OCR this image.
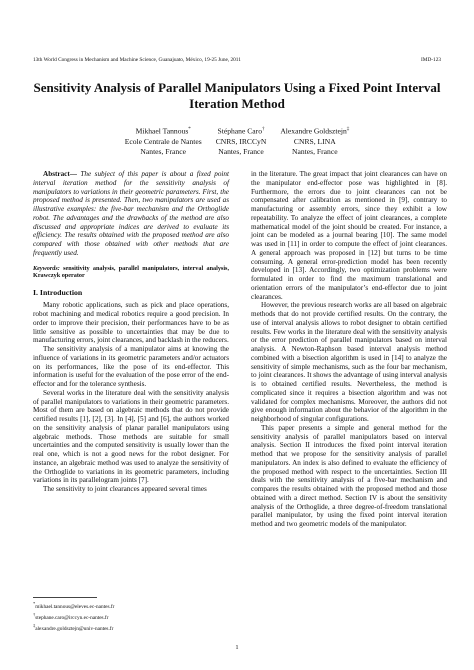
13th World Congress in Mechanism and Machine Science, Guanajuato, México, 19-25 June, 2011	IMD-123
Sensitivity Analysis of Parallel Manipulators Using a Fixed Point Interval
Iteration Method
Mikhael Tannous*
Ecole Centrale de Nantes
Nantes, France
Stéphane Caro†
CNRS, IRCCyN
Nantes, France
Alexandre Goldsztejn‡
CNRS, LINA
Nantes, France

Abstract— The subject of this paper is about a fixed point interval iteration method for the sensitivity analysis of manipulators to variations in their geometric parameters. First, the proposed method is presented. Then, two manipulators are used as illustrative examples: the five-bar mechanism and the Orthoglide robot. The advantages and the drawbacks of the method are also discussed and appropriate indices are derived to evaluate its efficiency. The results obtained with the proposed method are also compared with those obtained with other methods that are frequently used.

Keywords: sensitivity analysis, parallel manipulators, interval analysis, Krawczyk operator

I. Introduction

Many robotic applications, such as pick and place operations, robot machining and medical robotics require a good precision. In order to improve their precision, their performances have to be as little sensitive as possible to uncertainties that may be due to manufacturing errors, joint clearances, and backlash in the reducers.

The sensitivity analysis of a manipulator aims at knowing the influence of variations in its geometric parameters and/or actuators on its performances, like the pose of its end-effector. This information is useful for the evaluation of the pose error of the end-effector and for the tolerance synthesis.

Several works in the literature deal with the sensitivity analysis of parallel manipulators to variations in their geometric parameters. Most of them are based on algebraic methods that do not provide certified results [1], [2], [3]. In [4], [5] and [6], the authors worked on the sensitivity analysis of planar parallel manipulators using algebraic methods. Those methods are suitable for small uncertainties and the computed sensitivity is usually lower than the real one, which is not a good news for the robot designer. For instance, an algebraic method was used to analyze the sensitivity of the Orthoglide to variations in its geometric parameters, including variations in its parallelogram joints [7].

The sensitivity to joint clearances appeared several times

in the literature. The great impact that joint clearances can have on the manipulator end-effector pose was highlighted in [8]. Furthermore, the errors due to joint clearances can not be compensated after calibration as mentioned in [9], contrary to manufacturing or assembly errors, since they exhibit a low repeatability. To analyze the effect of joint clearances, a complete mathematical model of the joint should be created. For instance, a joint can be modeled as a journal bearing [10]. The same model was used in [11] in order to compute the effect of joint clearances. A general approach was proposed in [12] but turns to be time consuming. A general error-prediction model has been recently developed in [13]. Accordingly, two optimization problems were formulated in order to find the maximum translational and orientation errors of the manipulator’s end-effector due to joint clearances.

However, the previous research works are all based on algebraic methods that do not provide certified results. On the contrary, the use of interval analysis allows to robot designer to obtain certified results. Few works in the literature deal with the sensitivity analysis or the error prediction of parallel manipulators based on interval analysis. A Newton-Raphson based interval analysis method combined with a bisection algorithm is used in [14] to analyze the sensitivity of simple mechanisms, such as the four bar mechanism, to joint clearances. It shows the advantage of using interval analysis is to obtained certified results. Nevertheless, the method is complicated since it requires a bisection algorithm and was not validated for complex mechanisms. Moreover, the authors did not give enough information about the behavior of the algorithm in the neighborhood of singular configurations.

This paper presents a simple and general method for the sensitivity analysis of parallel manipulators based on interval analysis. Section II introduces the fixed point interval iteration method that we propose for the sensitivity analysis of parallel manipulators. An index is also defined to evaluate the efficiency of the proposed method with respect to the uncertainties. Section III deals with the sensitivity analysis of a five-bar mechanism and compares the results obtained with the proposed method and those obtained with a direct method. Section IV is about the sensitivity analysis of the Orthoglide, a three degree-of-freedom translational parallel manipulator, by using the fixed point interval iteration method and two geometric models of the manipulator.

*mikhael.tannous@eleves.ec-nantes.fr
†stephane.caro@irccyn.ec-nantes.fr
‡alexandre.goldsztejn@univ-nantes.fr
1
